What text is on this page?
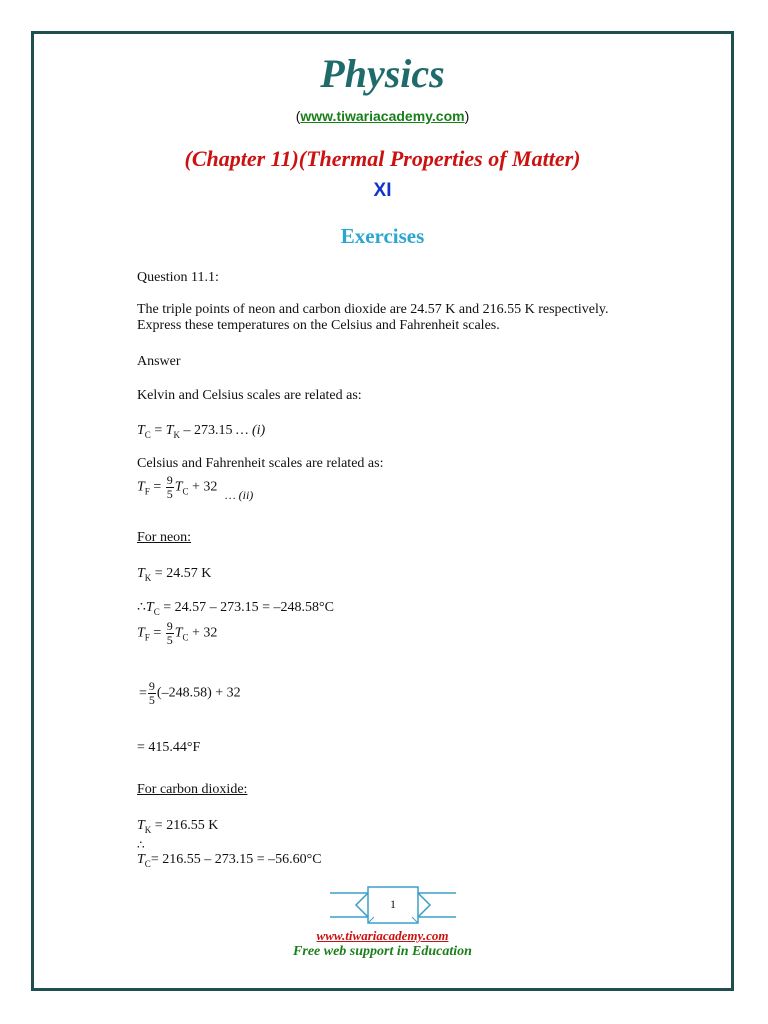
Physics
(www.tiwariacademy.com)
(Chapter 11)(Thermal Properties of Matter)
XI
Exercises
Question 11.1:
The triple points of neon and carbon dioxide are 24.57 K and 216.55 K respectively.
Express these temperatures on the Celsius and Fahrenheit scales.
Answer
Kelvin and Celsius scales are related as:
$T_C = T_K - 273.15$ … (i)
Celsius and Fahrenheit scales are related as:
$T_F = \frac{9}{5} T_C + 32$ … (ii)
For neon:
$T_K = 24.57$ K
$\therefore T_C = 24.57 - 273.15 = -248.58^\circ C$
$T_F = \frac{9}{5} T_C + 32$
= $\frac{9}{5} (-248.58) + 32$
= 415.44°F
For carbon dioxide:
$T_K = 216.55$ K
∴
$T_C= 216.55 - 273.15 = -56.60^\circ C$
1
www.tiwariacademy.com
Free web support in Education
